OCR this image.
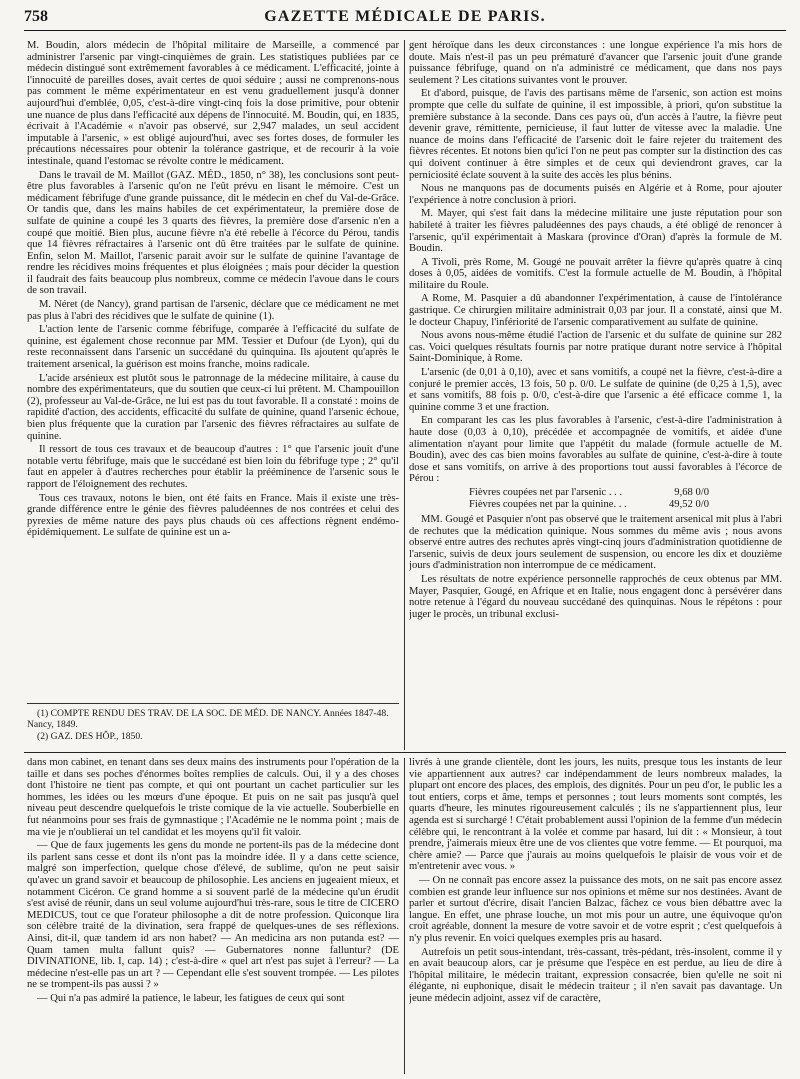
758	GAZETTE MÉDICALE DE PARIS.

M. Boudin, alors médecin de l'hôpital militaire de Marseille, a commencé par administrer l'arsenic par vingt-cinquièmes de grain. Les statistiques publiées par ce médecin distingué sont extrêmement favorables à ce médicament. L'efficacité, jointe à l'innocuité de pareilles doses, avait certes de quoi séduire ; aussi ne comprenons-nous pas comment le même expérimentateur en est venu graduellement jusqu'à donner aujourd'hui d'emblée, 0,05, c'est-à-dire vingt-cinq fois la dose primitive, pour obtenir une nuance de plus dans l'efficacité aux dépens de l'innocuité. M. Boudin, qui, en 1835, écrivait à l'Académie « n'avoir pas observé, sur 2,947 malades, un seul accident imputable à l'arsenic, » est obligé aujourd'hui, avec ses fortes doses, de formuler les précautions nécessaires pour obtenir la tolérance gastrique, et de recourir à la voie intestinale, quand l'estomac se révolte contre le médicament.

Dans le travail de M. Maillot (GAZ. MÉD., 1850, n° 38), les conclusions sont peut-être plus favorables à l'arsenic qu'on ne l'eût prévu en lisant le mémoire. C'est un médicament fébrifuge d'une grande puissance, dit le médecin en chef du Val-de-Grâce. Or tandis que, dans les mains habiles de cet expérimentateur, la première dose de sulfate de quinine a coupé les 3 quarts des fièvres, la première dose d'arsenic n'en a coupé que moitié. Bien plus, aucune fièvre n'a été rebelle à l'écorce du Pérou, tandis que 14 fièvres réfractaires à l'arsenic ont dû être traitées par le sulfate de quinine. Enfin, selon M. Maillot, l'arsenic parait avoir sur le sulfate de quinine l'avantage de rendre les récidives moins fréquentes et plus éloignées ; mais pour décider la question il faudrait des faits beaucoup plus nombreux, comme ce médecin l'avoue dans le cours de son travail.

M. Néret (de Nancy), grand partisan de l'arsenic, déclare que ce médicament ne met pas plus à l'abri des récidives que le sulfate de quinine (1).

L'action lente de l'arsenic comme fébrifuge, comparée à l'efficacité du sulfate de quinine, est également chose reconnue par MM. Tessier et Dufour (de Lyon), qui du reste reconnaissent dans l'arsenic un succédané du quinquina. Ils ajoutent qu'après le traitement arsenical, la guérison est moins franche, moins radicale.

L'acide arsénieux est plutôt sous le patronnage de la médecine militaire, à cause du nombre des expérimentateurs, que du soutien que ceux-ci lui prêtent. M. Champouillon (2), professeur au Val-de-Grâce, ne lui est pas du tout favorable. Il a constaté : moins de rapidité d'action, des accidents, efficacité du sulfate de quinine, quand l'arsenic échoue, bien plus fréquente que la curation par l'arsenic des fièvres réfractaires au sulfate de quinine.

Il ressort de tous ces travaux et de beaucoup d'autres : 1° que l'arsenic jouit d'une notable vertu fébrifuge, mais que le succédané est bien loin du fébrifuge type ; 2° qu'il faut en appeler à d'autres recherches pour établir la prééminence de l'arsenic sous le rapport de l'éloignement des rechutes.

Tous ces travaux, notons le bien, ont été faits en France. Mais il existe une très-grande différence entre le génie des fièvres paludéennes de nos contrées et celui des pyrexies de même nature des pays plus chauds où ces affections règnent endémo-épidémiquement. Le sulfate de quinine est un a-

(1) COMPTE RENDU DES TRAV. DE LA SOC. DE MÉD. DE NANCY. Années 1847-48. Nancy, 1849.

(2) GAZ. DES HÔP., 1850.

gent héroïque dans les deux circonstances : une longue expérience l'a mis hors de doute. Mais n'est-il pas un peu prématuré d'avancer que l'arsenic jouit d'une grande puissance fébrifuge, quand on n'a administré ce médicament, que dans nos pays seulement ? Les citations suivantes vont le prouver.

Et d'abord, puisque, de l'avis des partisans même de l'arsenic, son action est moins prompte que celle du sulfate de quinine, il est impossible, à priori, qu'on substitue la première substance à la seconde. Dans ces pays où, d'un accès à l'autre, la fièvre peut devenir grave, rémittente, pernicieuse, il faut lutter de vitesse avec la maladie. Une nuance de moins dans l'efficacité de l'arsenic doit le faire rejeter du traitement des fièvres récentes. Et notons bien qu'ici l'on ne peut pas compter sur la distinction des cas qui doivent continuer à être simples et de ceux qui deviendront graves, car la perniciosité éclate souvent à la suite des accès les plus bénins.

Nous ne manquons pas de documents puisés en Algérie et à Rome, pour ajouter l'expérience à notre conclusion à priori.

M. Mayer, qui s'est fait dans la médecine militaire une juste réputation pour son habileté à traiter les fièvres paludéennes des pays chauds, a été obligé de renoncer à l'arsenic, qu'il expérimentait à Maskara (province d'Oran) d'après la formule de M. Boudin.

A Tivoli, près Rome, M. Gougé ne pouvait arrêter la fièvre qu'après quatre à cinq doses à 0,05, aidées de vomitifs. C'est la formule actuelle de M. Boudin, à l'hôpital militaire du Roule.

A Rome, M. Pasquier a dû abandonner l'expérimentation, à cause de l'intolérance gastrique. Ce chirurgien militaire administrait 0,03 par jour. Il a constaté, ainsi que M. le docteur Chapuy, l'infériorité de l'arsenic comparativement au sulfate de quinine.

Nous avons nous-même étudié l'action de l'arsenic et du sulfate de quinine sur 282 cas. Voici quelques résultats fournis par notre pratique durant notre service à l'hôpital Saint-Dominique, à Rome.

L'arsenic (de 0,01 à 0,10), avec et sans vomitifs, a coupé net la fièvre, c'est-à-dire a conjuré le premier accès, 13 fois, 50 p. 0/0. Le sulfate de quinine (de 0,25 à 1,5), avec et sans vomitifs, 88 fois p. 0/0, c'est-à-dire que l'arsenic a été efficace comme 1, la quinine comme 3 et une fraction.

En comparant les cas les plus favorables à l'arsenic, c'est-à-dire l'administration à haute dose (0,03 à 0,10), précédée et accompagnée de vomitifs, et aidée d'une alimentation n'ayant pour limite que l'appétit du malade (formule actuelle de M. Boudin), avec des cas bien moins favorables au sulfate de quinine, c'est-à-dire à toute dose et sans vomitifs, on arrive à des proportions tout aussi favorables à l'écorce de Pérou :

Fièvres coupées net par l'arsenic . . .	9,68 0/0
Fièvres coupées net par la quinine. . .	49,52 0/0

MM. Gougé et Pasquier n'ont pas observé que le traitement arsenical mit plus à l'abri de rechutes que la médication quinique. Nous sommes du même avis ; nous avons observé entre autres des rechutes après vingt-cinq jours d'administration quotidienne de l'arsenic, suivis de deux jours seulement de suspension, ou encore les dix et douzième jours d'administration non interrompue de ce médicament.

Les résultats de notre expérience personnelle rapprochés de ceux obtenus par MM. Mayer, Pasquier, Gougé, en Afrique et en Italie, nous engagent donc à persévérer dans notre retenue à l'égard du nouveau succédané des quinquinas. Nous le répétons : pour juger le procès, un tribunal exclusi-

dans mon cabinet, en tenant dans ses deux mains des instruments pour l'opération de la taille et dans ses poches d'énormes boîtes remplies de calculs. Oui, il y a des choses dont l'histoire ne tient pas compte, et qui ont pourtant un cachet particulier sur les hommes, les idées ou les mœurs d'une époque. Et puis on ne sait pas jusqu'à quel niveau peut descendre quelquefois le triste comique de la vie actuelle. Souberbielle en fut néanmoins pour ses frais de gymnastique ; l'Académie ne le nomma point ; mais de ma vie je n'oublierai un tel candidat et les moyens qu'il fit valoir.

— Que de faux jugements les gens du monde ne portent-ils pas de la médecine dont ils parlent sans cesse et dont ils n'ont pas la moindre idée. Il y a dans cette science, malgré son imperfection, quelque chose d'élevé, de sublime, qu'on ne peut saisir qu'avec un grand savoir et beaucoup de philosophie. Les anciens en jugeaient mieux, et notamment Cicéron. Ce grand homme a si souvent parlé de la médecine qu'un érudit s'est avisé de réunir, dans un seul volume aujourd'hui très-rare, sous le titre de CICERO MEDICUS, tout ce que l'orateur philosophe a dit de notre profession. Quiconque lira son célèbre traité de la divination, sera frappé de quelques-unes de ses réflexions. Ainsi, dit-il, quæ tandem id ars non habet? — An medicina ars non putanda est? — Quam tamen multa fallunt quis? — Gubernatores nonne falluntur? (DE DIVINATIONE, lib. I, cap. 14) ; c'est-à-dire « quel art n'est pas sujet à l'erreur? — La médecine n'est-elle pas un art ? — Cependant elle s'est souvent trompée. — Les pilotes ne se trompent-ils pas aussi ? »

— Qui n'a pas admiré la patience, le labeur, les fatigues de ceux qui sont

livrés à une grande clientèle, dont les jours, les nuits, presque tous les instants de leur vie appartiennent aux autres? car indépendamment de leurs nombreux malades, la plupart ont encore des places, des emplois, des dignités. Pour un peu d'or, le public les a tout entiers, corps et âme, temps et personnes ; tout leurs moments sont comptés, les quarts d'heure, les minutes rigoureusement calculés ; ils ne s'appartiennent plus, leur agenda est si surchargé ! C'était probablement aussi l'opinion de la femme d'un médecin célèbre qui, le rencontrant à la volée et comme par hasard, lui dit : « Monsieur, à tout prendre, j'aimerais mieux être une de vos clientes que votre femme. — Et pourquoi, ma chère amie? — Parce que j'aurais au moins quelquefois le plaisir de vous voir et de m'entretenir avec vous. »

— On ne connaît pas encore assez la puissance des mots, on ne sait pas encore assez combien est grande leur influence sur nos opinions et même sur nos destinées. Avant de parler et surtout d'écrire, disait l'ancien Balzac, fâchez ce vous bien débattre avec la langue. En effet, une phrase louche, un mot mis pour un autre, une équivoque qu'on croit agréable, donnent la mesure de votre savoir et de votre esprit ; c'est quelquefois à n'y plus revenir. En voici quelques exemples pris au hasard.

Autrefois un petit sous-intendant, très-cassant, très-pédant, très-insolent, comme il y en avait beaucoup alors, car je présume que l'espèce en est perdue, au lieu de dire à l'hôpital militaire, le médecin traitant, expression consacrée, bien qu'elle ne soit ni élégante, ni euphonique, disait le médecin traiteur ; il n'en savait pas davantage. Un jeune médecin adjoint, assez vif de caractère,
